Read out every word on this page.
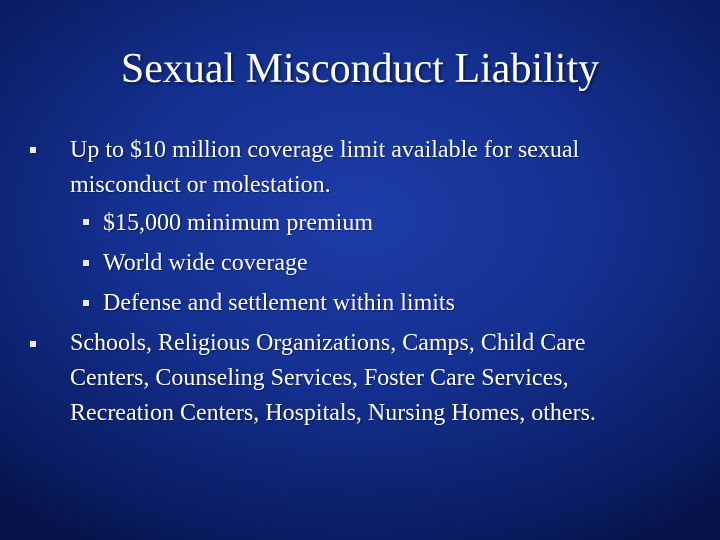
Sexual Misconduct Liability
Up to $10 million coverage limit available for sexual
misconduct or molestation.
$15,000 minimum premium
World wide coverage
Defense and settlement within limits
Schools, Religious Organizations, Camps, Child Care
Centers, Counseling Services, Foster Care Services,
Recreation Centers, Hospitals, Nursing Homes, others.
